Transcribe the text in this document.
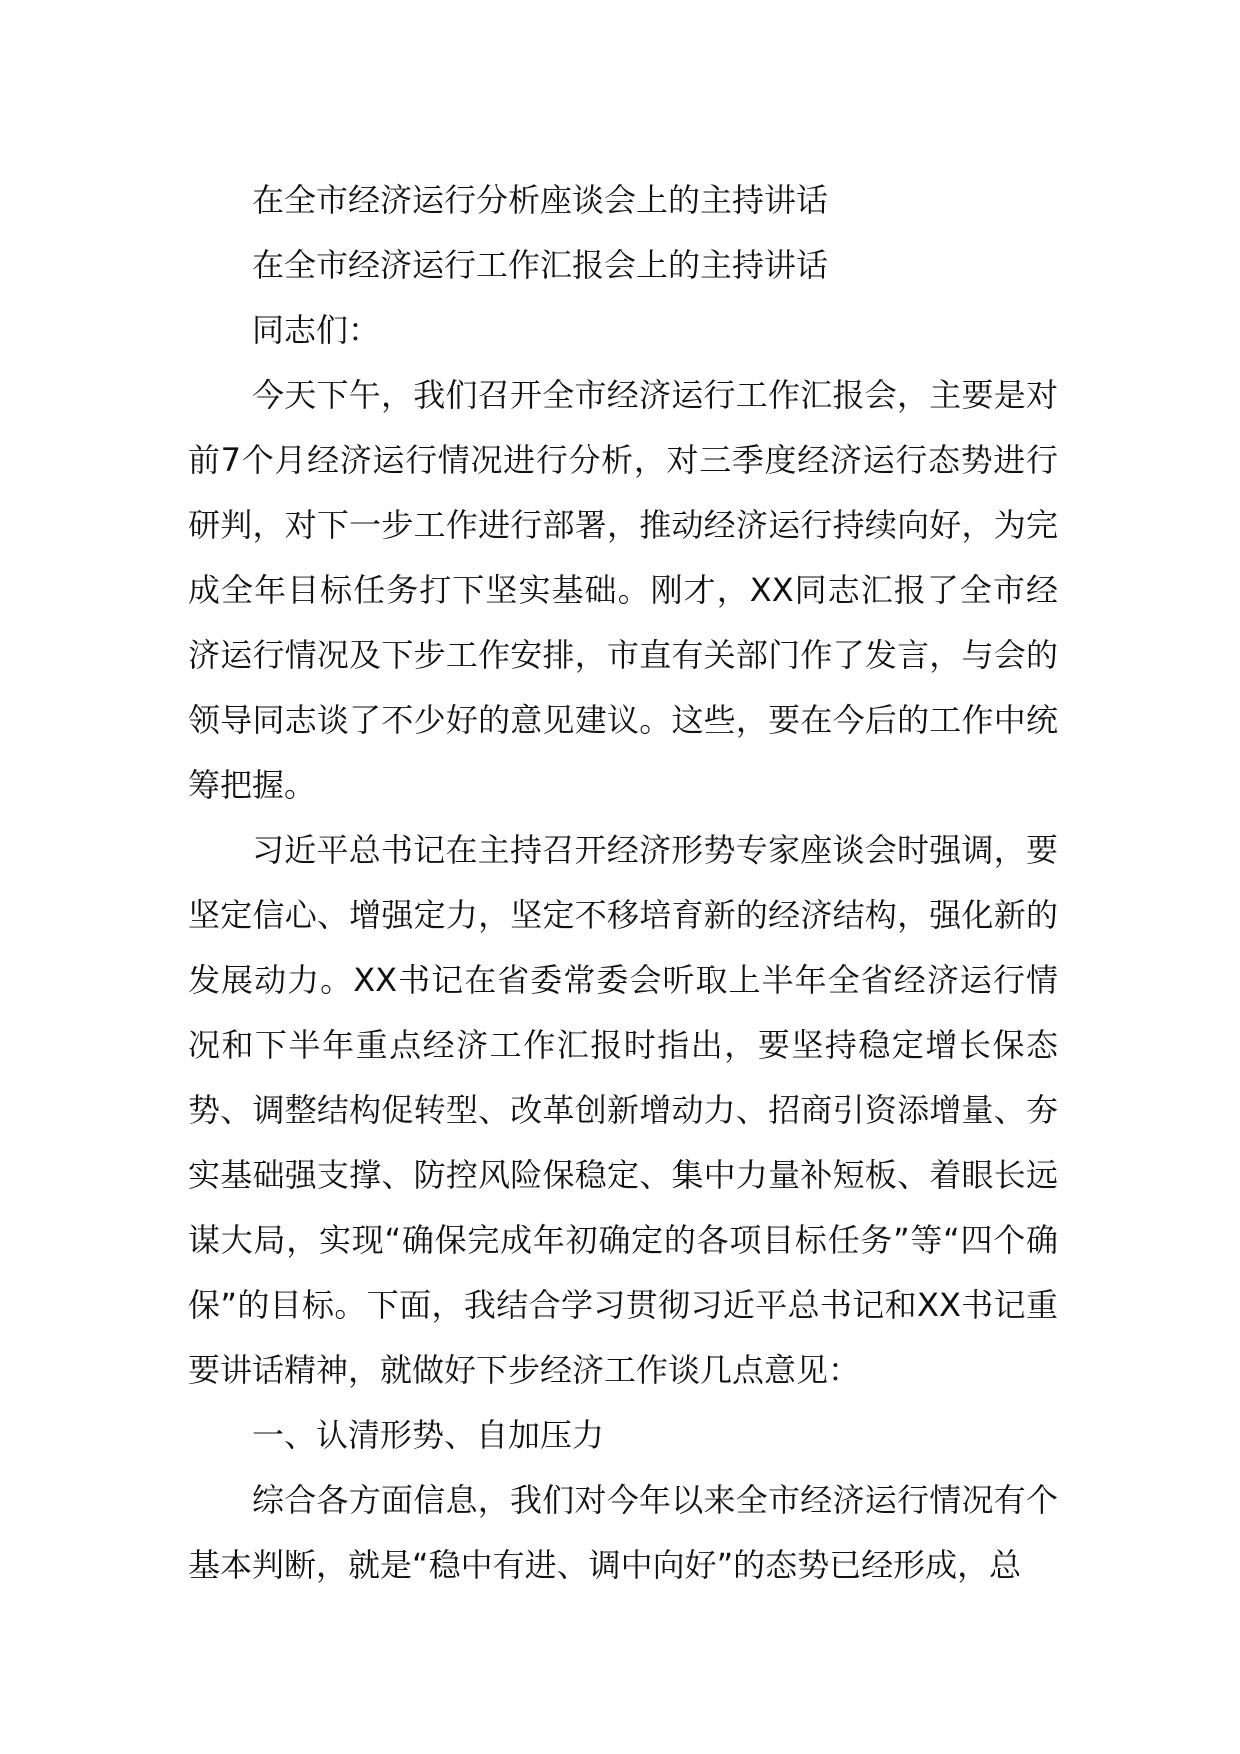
在全市经济运行分析座谈会上的主持讲话

在全市经济运行工作汇报会上的主持讲话

同志们：

今天下午，我们召开全市经济运行工作汇报会，主要是对前7个月经济运行情况进行分析，对三季度经济运行态势进行研判，对下一步工作进行部署，推动经济运行持续向好，为完成全年目标任务打下坚实基础。刚才，XX同志汇报了全市经济运行情况及下步工作安排，市直有关部门作了发言，与会的领导同志谈了不少好的意见建议。这些，要在今后的工作中统筹把握。

习近平总书记在主持召开经济形势专家座谈会时强调，要坚定信心、增强定力，坚定不移培育新的经济结构，强化新的发展动力。XX书记在省委常委会听取上半年全省经济运行情况和下半年重点经济工作汇报时指出，要坚持稳定增长保态势、调整结构促转型、改革创新增动力、招商引资添增量、夯实基础强支撑、防控风险保稳定、集中力量补短板、着眼长远谋大局，实现“确保完成年初确定的各项目标任务”等“四个确保”的目标。下面，我结合学习贯彻习近平总书记和XX书记重要讲话精神，就做好下步经济工作谈几点意见：

一、认清形势、自加压力

综合各方面信息，我们对今年以来全市经济运行情况有个基本判断，就是“稳中有进、调中向好”的态势已经形成，总
